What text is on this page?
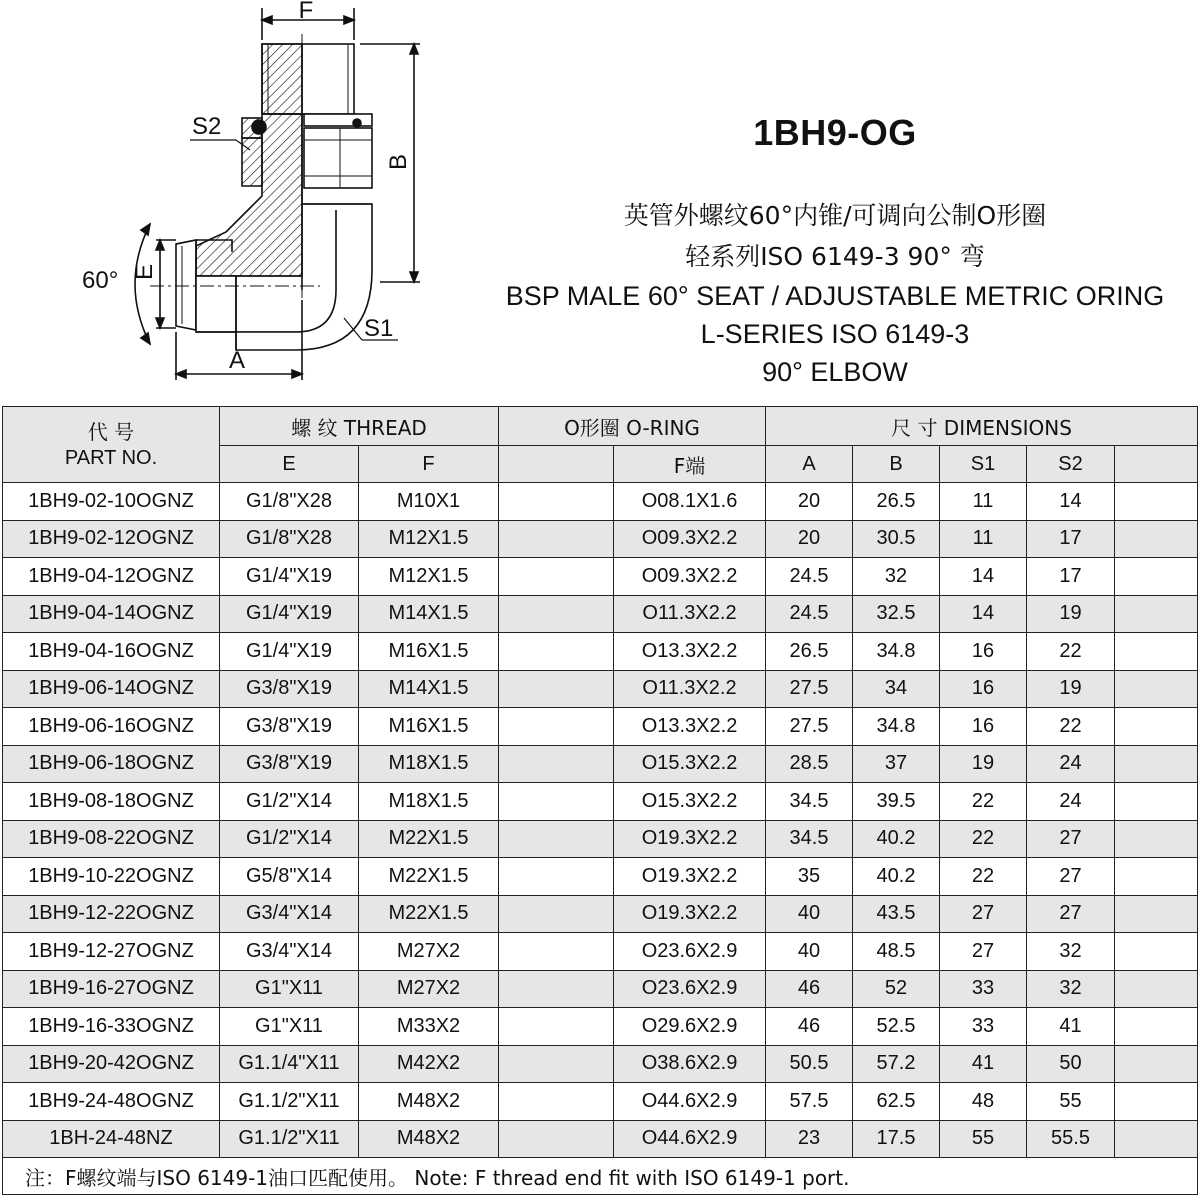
F
S2
B
60° E
A
S1
1BH9-OG
英管外螺纹60°内锥/可调向公制O形圈
轻系列ISO 6149-3 90° 弯
BSP MALE 60° SEAT / ADJUSTABLE METRIC ORING
L-SERIES ISO 6149-3
90° ELBOW
代 号
PART NO.	螺 纹 THREAD		O形圈 O-RING		尺 寸 DIMENSIONS				
	E	F		F端	A	B	S1	S2	
1BH9-02-10OGNZ	G1/8"X28	M10X1		O08.1X1.6	20	26.5	11	14	
1BH9-02-12OGNZ	G1/8"X28	M12X1.5		O09.3X2.2	20	30.5	11	17	
1BH9-04-12OGNZ	G1/4"X19	M12X1.5		O09.3X2.2	24.5	32	14	17	
1BH9-04-14OGNZ	G1/4"X19	M14X1.5		O11.3X2.2	24.5	32.5	14	19	
1BH9-04-16OGNZ	G1/4"X19	M16X1.5		O13.3X2.2	26.5	34.8	16	22	
1BH9-06-14OGNZ	G3/8"X19	M14X1.5		O11.3X2.2	27.5	34	16	19	
1BH9-06-16OGNZ	G3/8"X19	M16X1.5		O13.3X2.2	27.5	34.8	16	22	
1BH9-06-18OGNZ	G3/8"X19	M18X1.5		O15.3X2.2	28.5	37	19	24	
1BH9-08-18OGNZ	G1/2"X14	M18X1.5		O15.3X2.2	34.5	39.5	22	24	
1BH9-08-22OGNZ	G1/2"X14	M22X1.5		O19.3X2.2	34.5	40.2	22	27	
1BH9-10-22OGNZ	G5/8"X14	M22X1.5		O19.3X2.2	35	40.2	22	27	
1BH9-12-22OGNZ	G3/4"X14	M22X1.5		O19.3X2.2	40	43.5	27	27	
1BH9-12-27OGNZ	G3/4"X14	M27X2		O23.6X2.9	40	48.5	27	32	
1BH9-16-27OGNZ	G1"X11	M27X2		O23.6X2.9	46	52	33	32	
1BH9-16-33OGNZ	G1"X11	M33X2		O29.6X2.9	46	52.5	33	41	
1BH9-20-42OGNZ	G1.1/4"X11	M42X2		O38.6X2.9	50.5	57.2	41	50	
1BH9-24-48OGNZ	G1.1/2"X11	M48X2		O44.6X2.9	57.5	62.5	48	55	
1BH-24-48NZ	G1.1/2"X11	M48X2		O44.6X2.9	23	17.5	55	55.5	
注：F螺纹端与ISO 6149-1油口匹配使用。 Note: F thread end fit with ISO 6149-1 port.									
